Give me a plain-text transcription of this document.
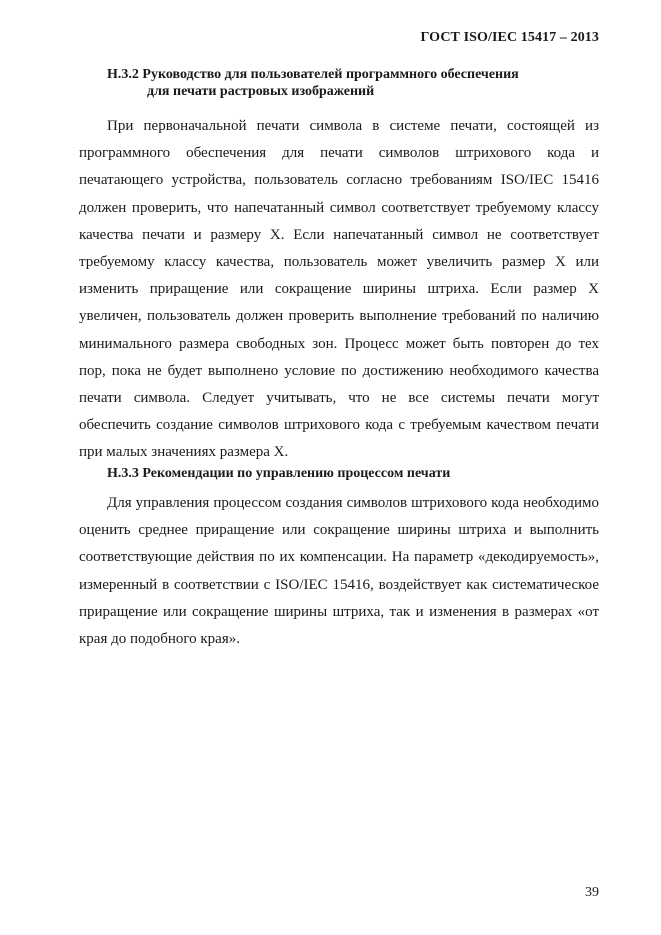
ГОСТ ISO/IEC 15417 – 2013
Н.3.2 Руководство для пользователей программного обеспечения
для печати растровых изображений

При первоначальной печати символа в системе печати, состоящей из программного обеспечения для печати символов штрихового кода и печатающего устройства, пользователь согласно требованиям ISO/IEC 15416 должен проверить, что напечатанный символ соответствует требуемому классу качества печати и размеру X. Если напечатанный символ не соответствует требуемому классу качества, пользователь может увеличить размер X или изменить приращение или сокращение ширины штриха. Если размер X увеличен, пользователь должен проверить выполнение требований по наличию минимального размера свободных зон. Процесс может быть повторен до тех пор, пока не будет выполнено условие по достижению необходимого качества печати символа. Следует учитывать, что не все системы печати могут обеспечить создание символов штрихового кода с требуемым качеством печати при малых значениях размера X.

Н.3.3 Рекомендации по управлению процессом печати

Для управления процессом создания символов штрихового кода необходимо оценить среднее приращение или сокращение ширины штриха и выполнить соответствующие действия по их компенсации. На параметр «декодируемость», измеренный в соответствии с ISO/IEC 15416, воздействует как систематическое приращение или сокращение ширины штриха, так и изменения в размерах «от края до подобного края».

39
